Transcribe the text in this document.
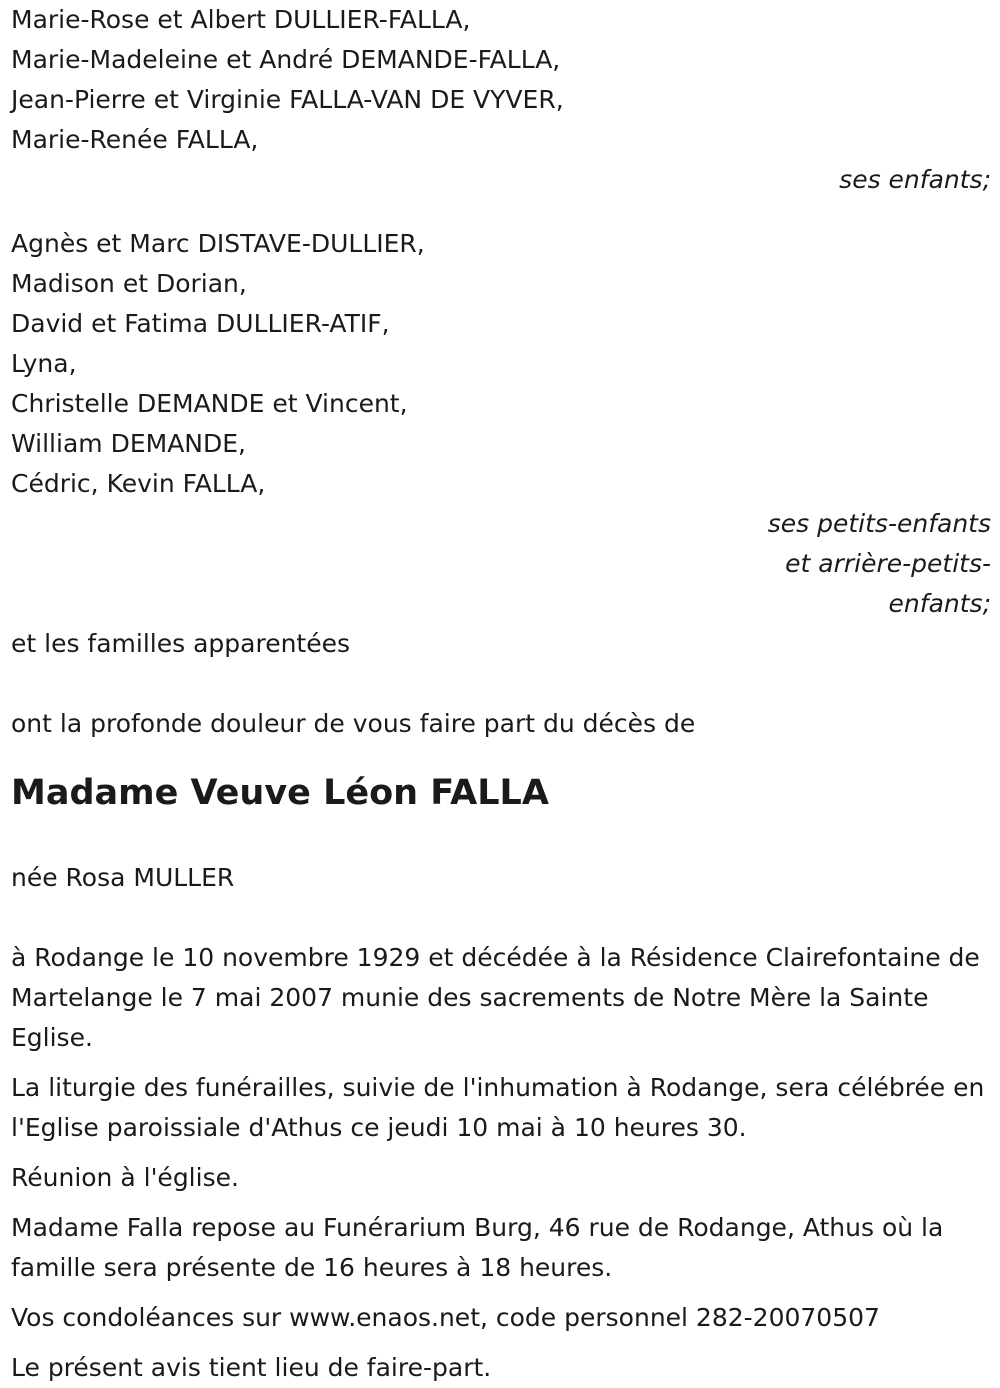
Marie-Rose et Albert DULLIER-FALLA,
Marie-Madeleine et André DEMANDE-FALLA,
Jean-Pierre et Virginie FALLA-VAN DE VYVER,
Marie-Renée FALLA,
ses enfants;
Agnès et Marc DISTAVE-DULLIER,
Madison et Dorian,
David et Fatima DULLIER-ATIF,
Lyna,
Christelle DEMANDE et Vincent,
William DEMANDE,
Cédric, Kevin FALLA,
ses petits-enfants
et arrière-petits-
enfants;
et les familles apparentées
ont la profonde douleur de vous faire part du décès de
Madame Veuve Léon FALLA
née Rosa MULLER

à Rodange le 10 novembre 1929 et décédée à la Résidence Clairefontaine de Martelange le 7 mai 2007 munie des sacrements de Notre Mère la Sainte Eglise.

La liturgie des funérailles, suivie de l'inhumation à Rodange, sera célébrée en l'Eglise paroissiale d'Athus ce jeudi 10 mai à 10 heures 30.

Réunion à l'église.

Madame Falla repose au Funérarium Burg, 46 rue de Rodange, Athus où la famille sera présente de 16 heures à 18 heures.

Vos condoléances sur www.enaos.net, code personnel 282-20070507

Le présent avis tient lieu de faire-part.
